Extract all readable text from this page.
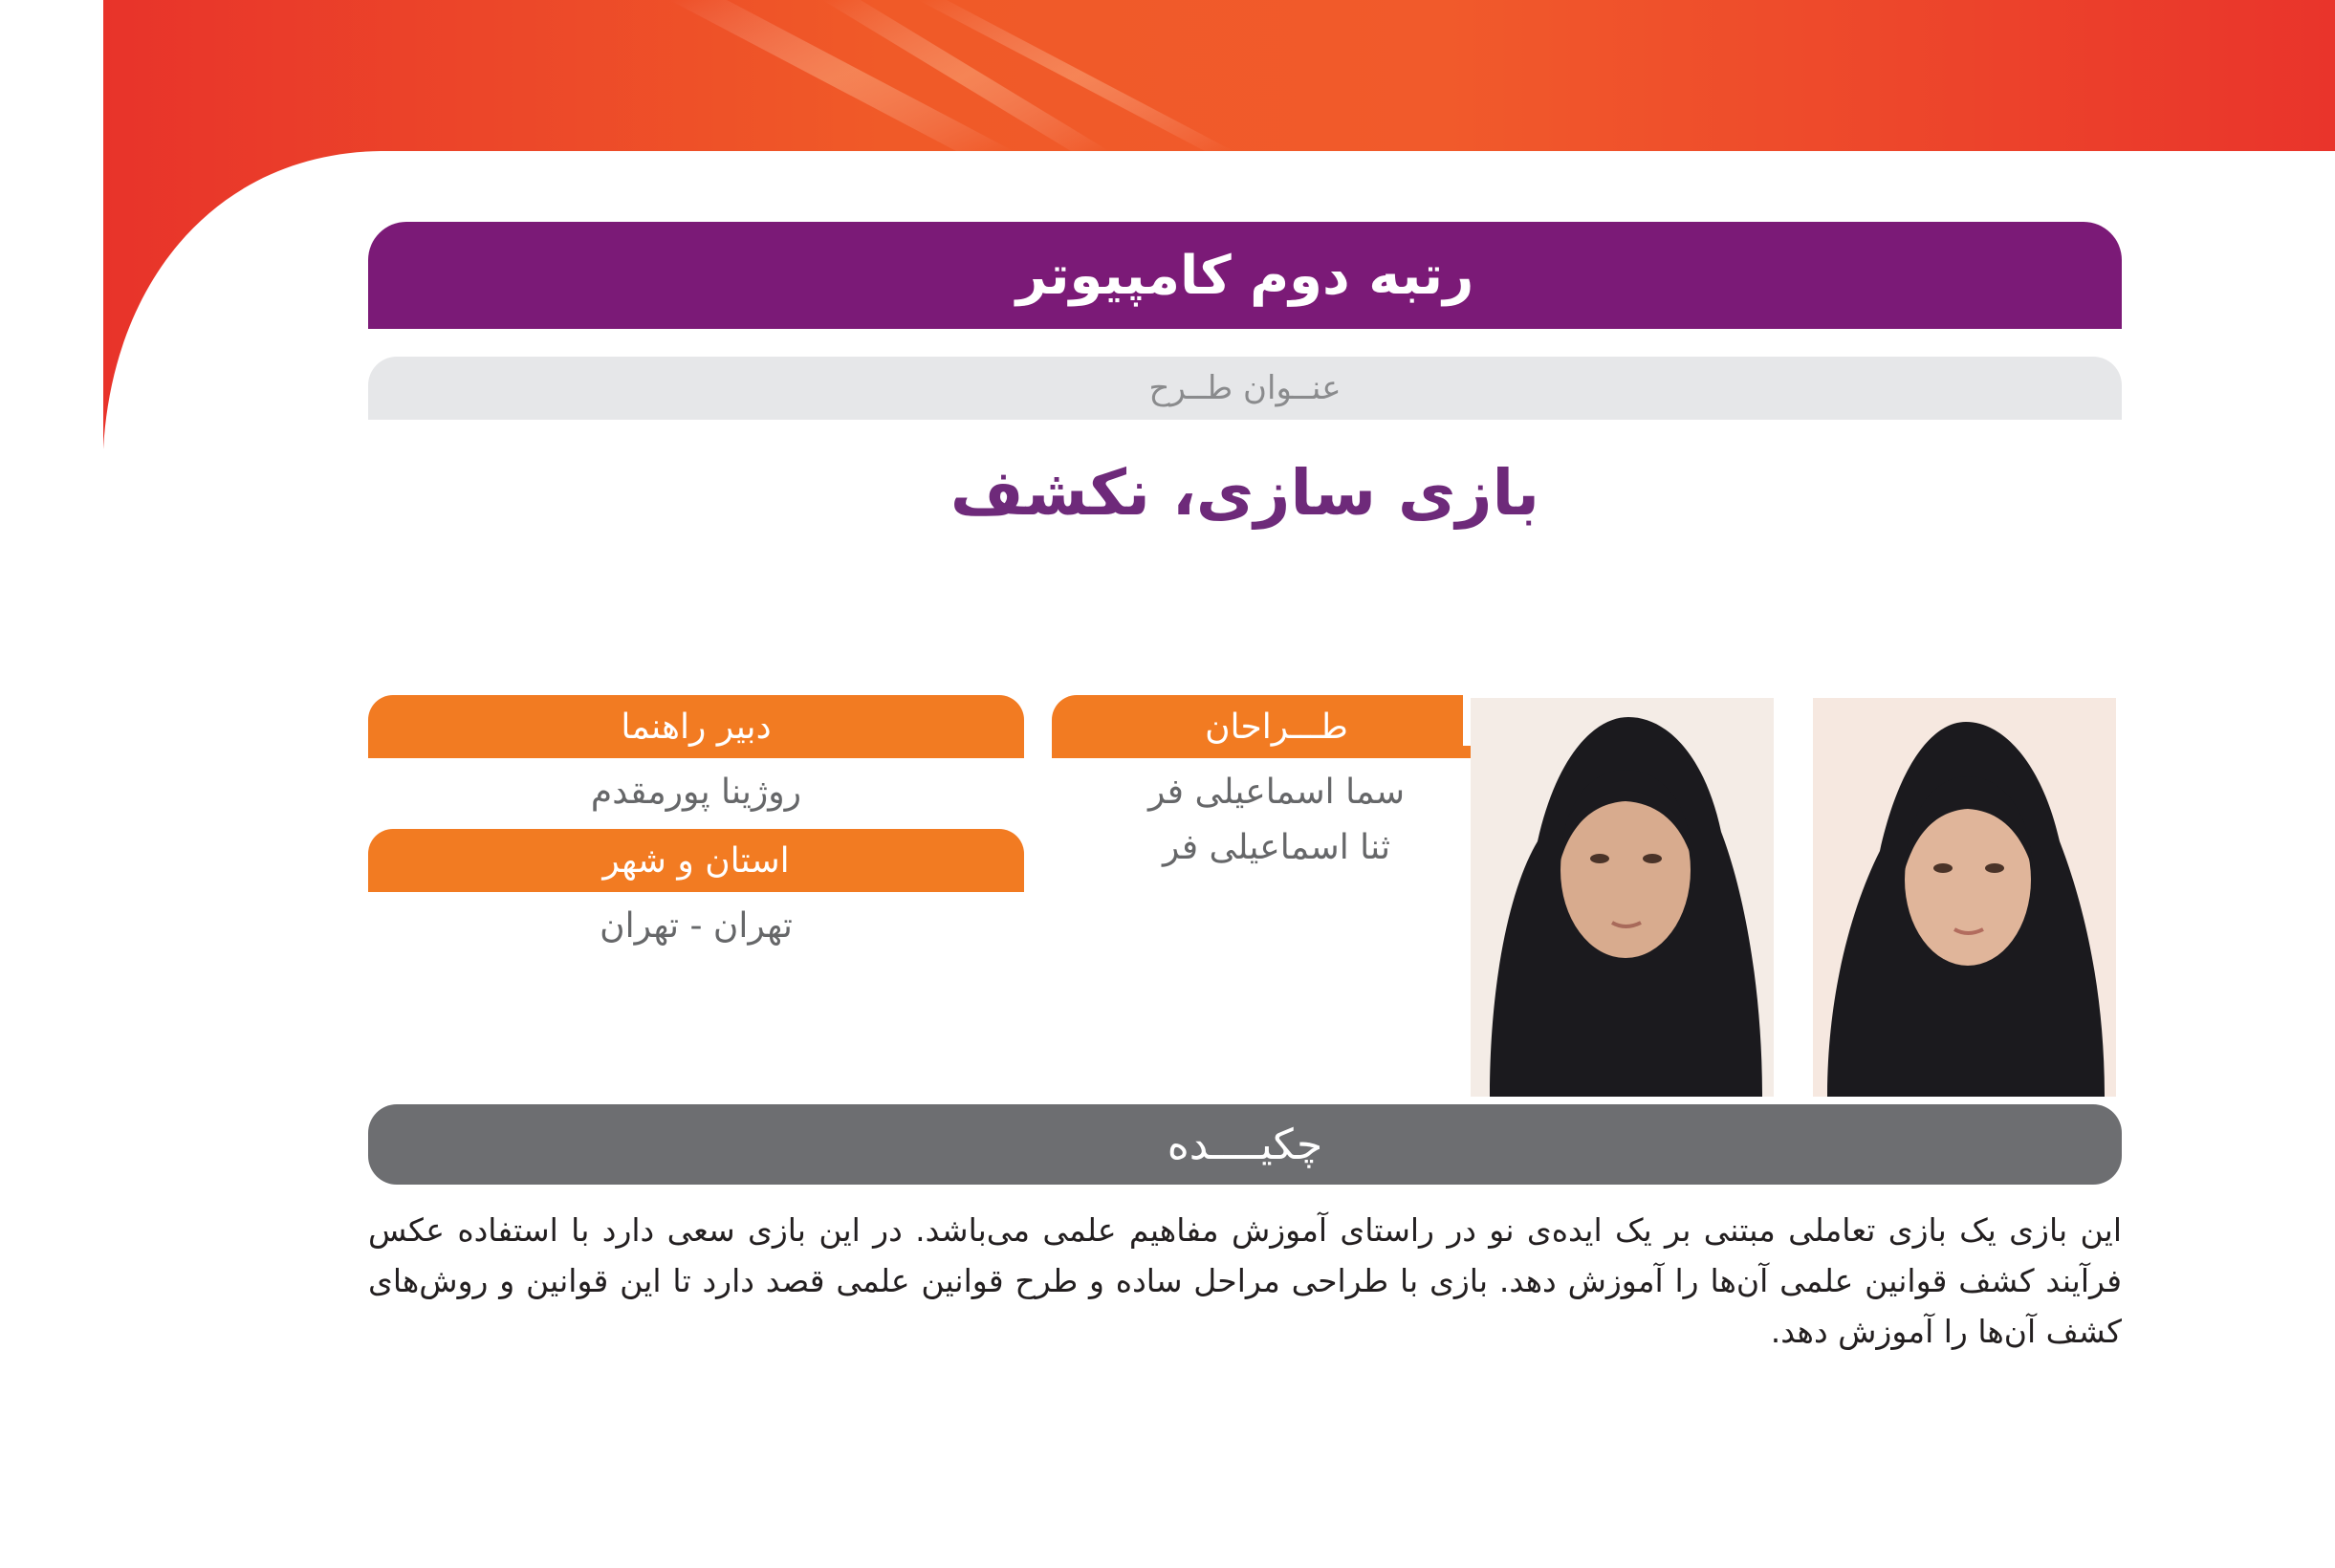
رتبه دوم کامپیوتر
عنــوان طــرح
بازی سازی، نکشف
دبیر راهنما
روژینا پورمقدم
استان و شهر
تهران - تهران
طـــراحان
سما اسماعیلی فر
ثنا اسماعیلی فر
چکیــــده
این بازی یک بازی تعاملی مبتنی بر یک ایده‌ی نو در راستای آموزش مفاهیم علمی می‌باشد. در این بازی سعی دارد با استفاده عکس فرآیند کشف قوانین علمی آن‌ها را آموزش دهد. بازی با طراحی مراحل ساده و طرح قوانین علمی قصد دارد تا این قوانین و روش‌های کشف آن‌ها را آموزش دهد.
